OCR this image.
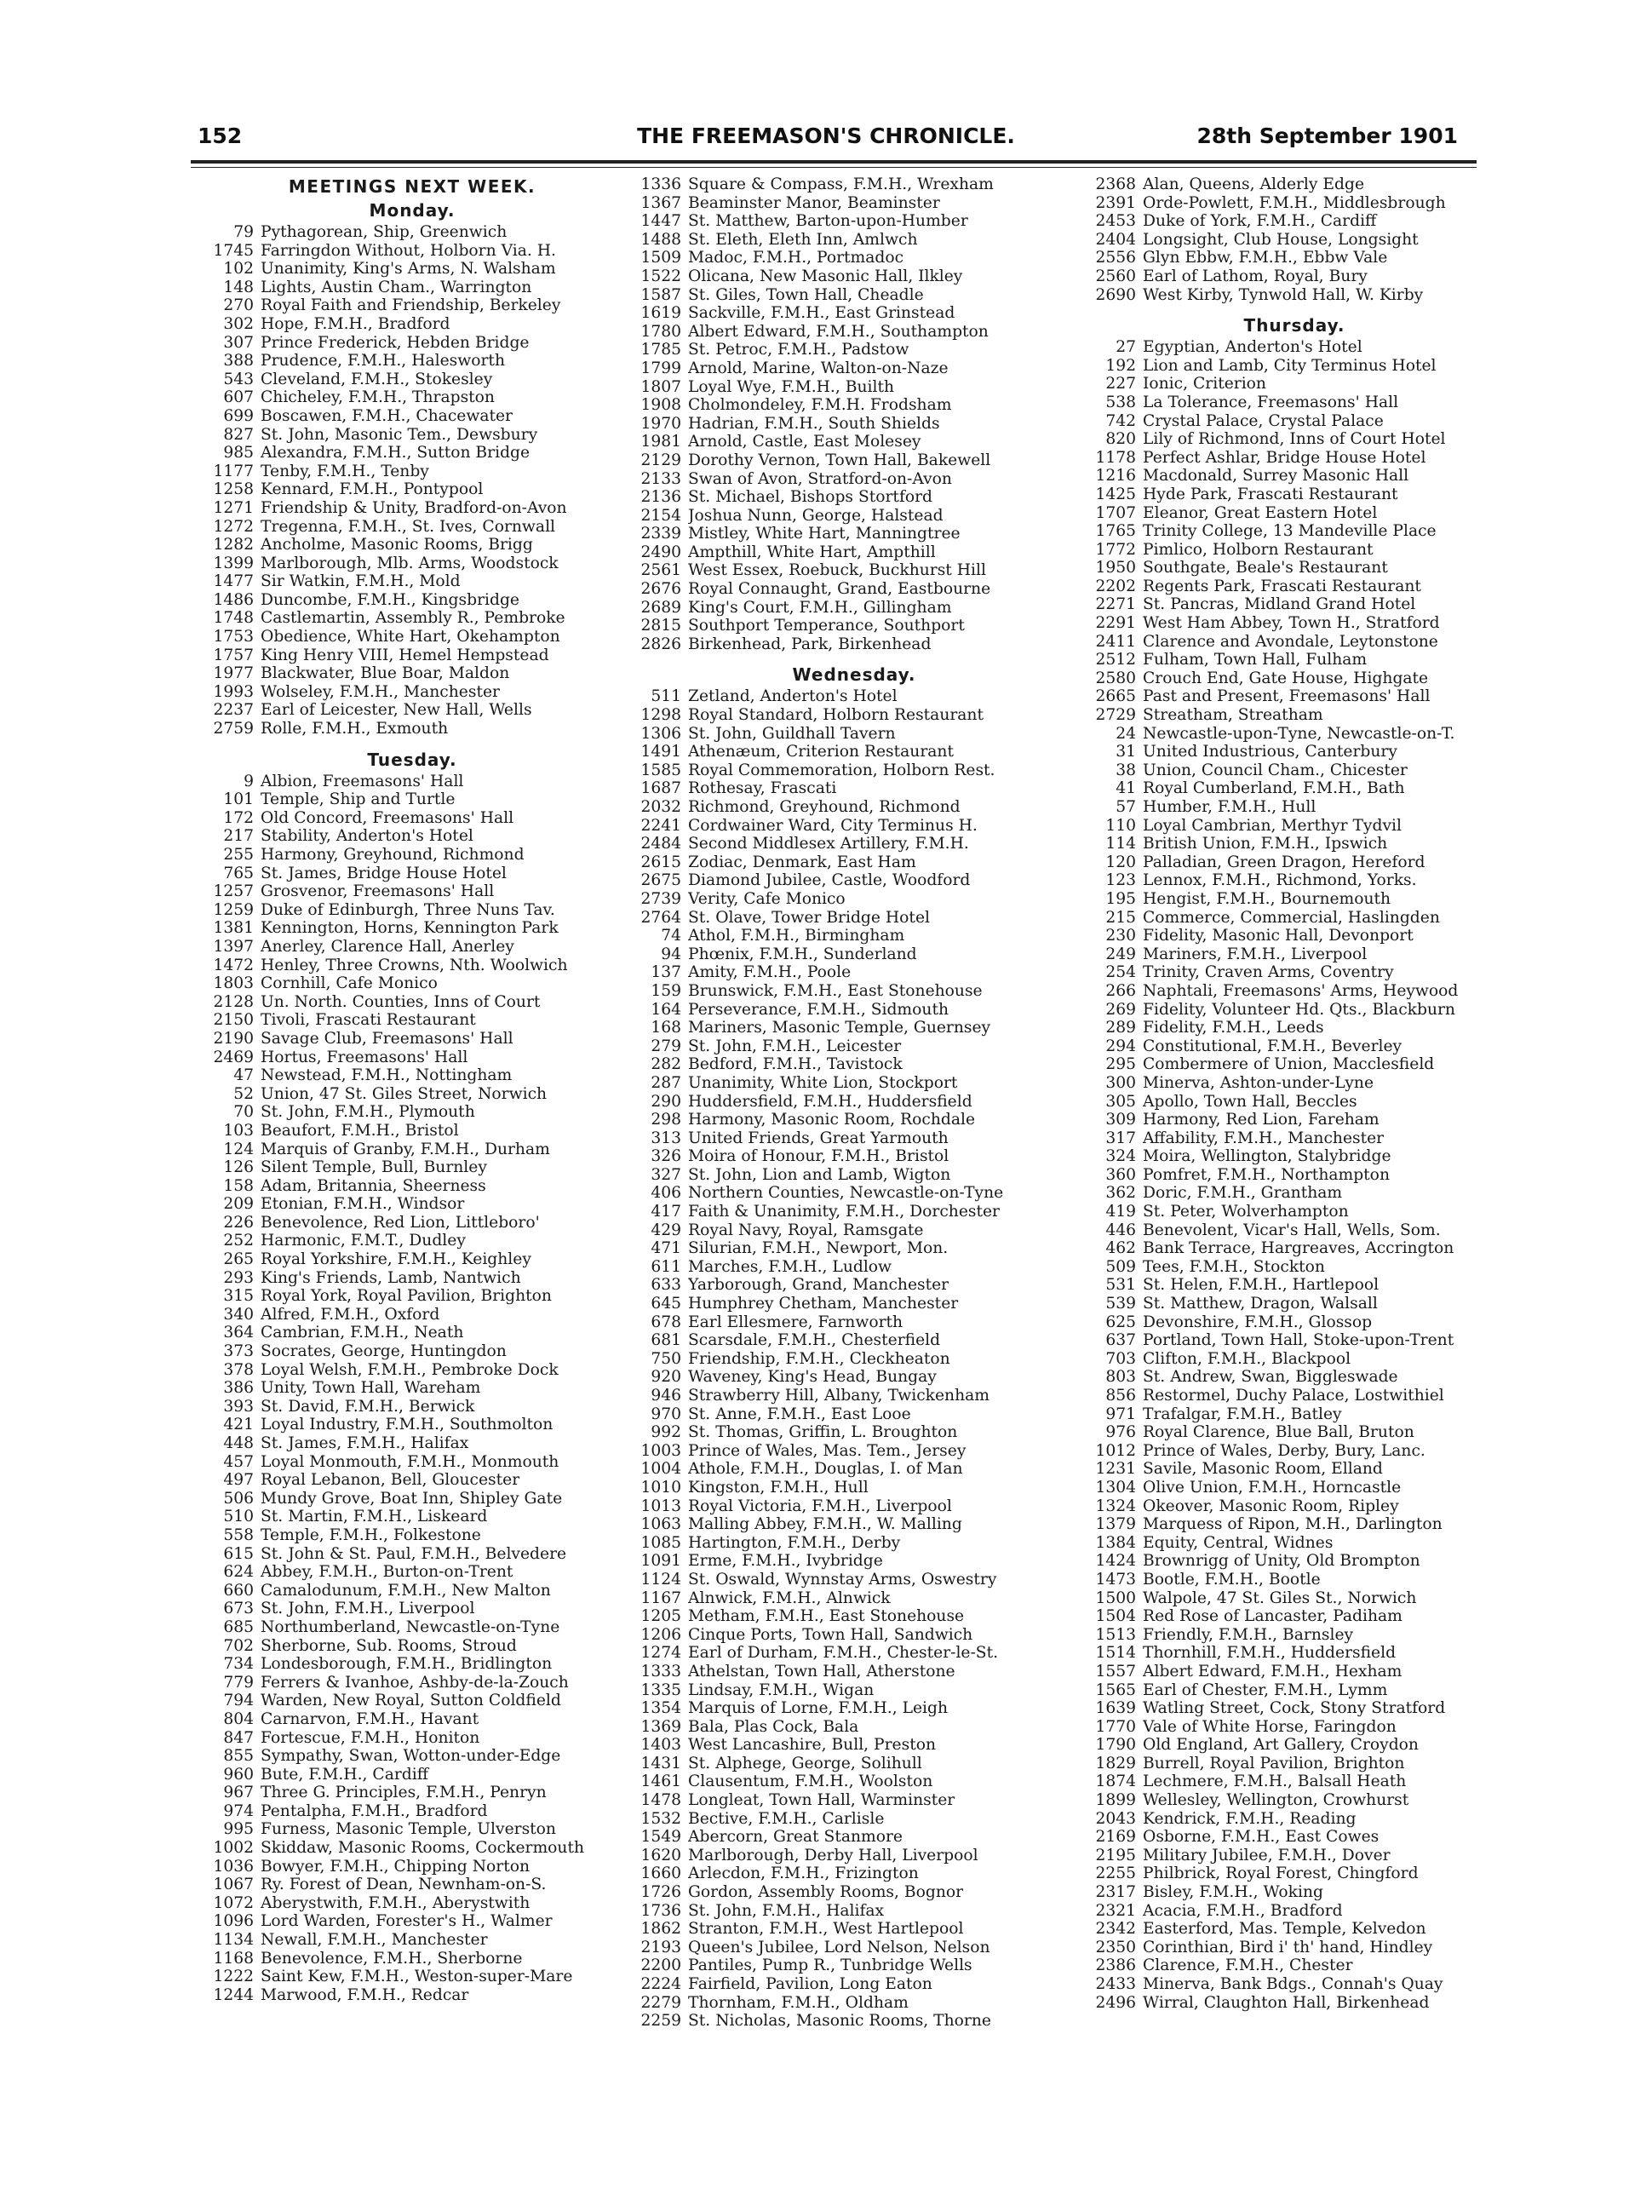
THE FREEMASON'S CHRONICLE.
152	28th September 1901
MEETINGS NEXT WEEK.
Monday.
79 Pythagorean, Ship, Greenwich
1745 Farringdon Without, Holborn Via. H.
102 Unanimity, King's Arms, N. Walsham
148 Lights, Austin Cham., Warrington
270 Royal Faith and Friendship, Berkeley
302 Hope, F.M.H., Bradford
307 Prince Frederick, Hebden Bridge
388 Prudence, F.M.H., Halesworth
543 Cleveland, F.M.H., Stokesley
607 Chicheley, F.M.H., Thrapston
699 Boscawen, F.M.H., Chacewater
827 St. John, Masonic Tem., Dewsbury
985 Alexandra, F.M.H., Sutton Bridge
1177 Tenby, F.M.H., Tenby
1258 Kennard, F.M.H., Pontypool
1271 Friendship & Unity, Bradford-on-Avon
1272 Tregenna, F.M.H., St. Ives, Cornwall
1282 Ancholme, Masonic Rooms, Brigg
1399 Marlborough, Mlb. Arms, Woodstock
1477 Sir Watkin, F.M.H., Mold
1486 Duncombe, F.M.H., Kingsbridge
1748 Castlemartin, Assembly R., Pembroke
1753 Obedience, White Hart, Okehampton
1757 King Henry VIII, Hemel Hempstead
1977 Blackwater, Blue Boar, Maldon
1993 Wolseley, F.M.H., Manchester
2237 Earl of Leicester, New Hall, Wells
2759 Rolle, F.M.H., Exmouth
Tuesday.
9 Albion, Freemasons' Hall
101 Temple, Ship and Turtle
172 Old Concord, Freemasons' Hall
217 Stability, Anderton's Hotel
255 Harmony, Greyhound, Richmond
765 St. James, Bridge House Hotel
1257 Grosvenor, Freemasons' Hall
1259 Duke of Edinburgh, Three Nuns Tav.
1381 Kennington, Horns, Kennington Park
1397 Anerley, Clarence Hall, Anerley
1472 Henley, Three Crowns, Nth. Woolwich
1803 Cornhill, Cafe Monico
2128 Un. North. Counties, Inns of Court
2150 Tivoli, Frascati Restaurant
2190 Savage Club, Freemasons' Hall
2469 Hortus, Freemasons' Hall
47 Newstead, F.M.H., Nottingham
52 Union, 47 St. Giles Street, Norwich
70 St. John, F.M.H., Plymouth
103 Beaufort, F.M.H., Bristol
124 Marquis of Granby, F.M.H., Durham
126 Silent Temple, Bull, Burnley
158 Adam, Britannia, Sheerness
209 Etonian, F.M.H., Windsor
226 Benevolence, Red Lion, Littleboro'
252 Harmonic, F.M.T., Dudley
265 Royal Yorkshire, F.M.H., Keighley
293 King's Friends, Lamb, Nantwich
315 Royal York, Royal Pavilion, Brighton
340 Alfred, F.M.H., Oxford
364 Cambrian, F.M.H., Neath
373 Socrates, George, Huntingdon
378 Loyal Welsh, F.M.H., Pembroke Dock
386 Unity, Town Hall, Wareham
393 St. David, F.M.H., Berwick
421 Loyal Industry, F.M.H., Southmolton
448 St. James, F.M.H., Halifax
457 Loyal Monmouth, F.M.H., Monmouth
497 Royal Lebanon, Bell, Gloucester
506 Mundy Grove, Boat Inn, Shipley Gate
510 St. Martin, F.M.H., Liskeard
558 Temple, F.M.H., Folkestone
615 St. John & St. Paul, F.M.H., Belvedere
624 Abbey, F.M.H., Burton-on-Trent
660 Camalodunum, F.M.H., New Malton
673 St. John, F.M.H., Liverpool
685 Northumberland, Newcastle-on-Tyne
702 Sherborne, Sub. Rooms, Stroud
734 Londesborough, F.M.H., Bridlington
779 Ferrers & Ivanhoe, Ashby-de-la-Zouch
794 Warden, New Royal, Sutton Coldfield
804 Carnarvon, F.M.H., Havant
847 Fortescue, F.M.H., Honiton
855 Sympathy, Swan, Wotton-under-Edge
960 Bute, F.M.H., Cardiff
967 Three G. Principles, F.M.H., Penryn
974 Pentalpha, F.M.H., Bradford
995 Furness, Masonic Temple, Ulverston
1002 Skiddaw, Masonic Rooms, Cockermouth
1036 Bowyer, F.M.H., Chipping Norton
1067 Ry. Forest of Dean, Newnham-on-S.
1072 Aberystwith, F.M.H., Aberystwith
1096 Lord Warden, Forester's H., Walmer
1134 Newall, F.M.H., Manchester
1168 Benevolence, F.M.H., Sherborne
1222 Saint Kew, F.M.H., Weston-super-Mare
1244 Marwood, F.M.H., Redcar
1336 Square & Compass, F.M.H., Wrexham
1367 Beaminster Manor, Beaminster
1447 St. Matthew, Barton-upon-Humber
1488 St. Eleth, Eleth Inn, Amlwch
1509 Madoc, F.M.H., Portmadoc
1522 Olicana, New Masonic Hall, Ilkley
1587 St. Giles, Town Hall, Cheadle
1619 Sackville, F.M.H., East Grinstead
1780 Albert Edward, F.M.H., Southampton
1785 St. Petroc, F.M.H., Padstow
1799 Arnold, Marine, Walton-on-Naze
1807 Loyal Wye, F.M.H., Builth
1908 Cholmondeley, F.M.H. Frodsham
1970 Hadrian, F.M.H., South Shields
1981 Arnold, Castle, East Molesey
2129 Dorothy Vernon, Town Hall, Bakewell
2133 Swan of Avon, Stratford-on-Avon
2136 St. Michael, Bishops Stortford
2154 Joshua Nunn, George, Halstead
2339 Mistley, White Hart, Manningtree
2490 Ampthill, White Hart, Ampthill
2561 West Essex, Roebuck, Buckhurst Hill
2676 Royal Connaught, Grand, Eastbourne
2689 King's Court, F.M.H., Gillingham
2815 Southport Temperance, Southport
2826 Birkenhead, Park, Birkenhead
Wednesday.
511 Zetland, Anderton's Hotel
1298 Royal Standard, Holborn Restaurant
1306 St. John, Guildhall Tavern
1491 Athenæum, Criterion Restaurant
1585 Royal Commemoration, Holborn Rest.
1687 Rothesay, Frascati
2032 Richmond, Greyhound, Richmond
2241 Cordwainer Ward, City Terminus H.
2484 Second Middlesex Artillery, F.M.H.
2615 Zodiac, Denmark, East Ham
2675 Diamond Jubilee, Castle, Woodford
2739 Verity, Cafe Monico
2764 St. Olave, Tower Bridge Hotel
74 Athol, F.M.H., Birmingham
94 Phœnix, F.M.H., Sunderland
137 Amity, F.M.H., Poole
159 Brunswick, F.M.H., East Stonehouse
164 Perseverance, F.M.H., Sidmouth
168 Mariners, Masonic Temple, Guernsey
279 St. John, F.M.H., Leicester
282 Bedford, F.M.H., Tavistock
287 Unanimity, White Lion, Stockport
290 Huddersfield, F.M.H., Huddersfield
298 Harmony, Masonic Room, Rochdale
313 United Friends, Great Yarmouth
326 Moira of Honour, F.M.H., Bristol
327 St. John, Lion and Lamb, Wigton
406 Northern Counties, Newcastle-on-Tyne
417 Faith & Unanimity, F.M.H., Dorchester
429 Royal Navy, Royal, Ramsgate
471 Silurian, F.M.H., Newport, Mon.
611 Marches, F.M.H., Ludlow
633 Yarborough, Grand, Manchester
645 Humphrey Chetham, Manchester
678 Earl Ellesmere, Farnworth
681 Scarsdale, F.M.H., Chesterfield
750 Friendship, F.M.H., Cleckheaton
920 Waveney, King's Head, Bungay
946 Strawberry Hill, Albany, Twickenham
970 St. Anne, F.M.H., East Looe
992 St. Thomas, Griffin, L. Broughton
1003 Prince of Wales, Mas. Tem., Jersey
1004 Athole, F.M.H., Douglas, I. of Man
1010 Kingston, F.M.H., Hull
1013 Royal Victoria, F.M.H., Liverpool
1063 Malling Abbey, F.M.H., W. Malling
1085 Hartington, F.M.H., Derby
1091 Erme, F.M.H., Ivybridge
1124 St. Oswald, Wynnstay Arms, Oswestry
1167 Alnwick, F.M.H., Alnwick
1205 Metham, F.M.H., East Stonehouse
1206 Cinque Ports, Town Hall, Sandwich
1274 Earl of Durham, F.M.H., Chester-le-St.
1333 Athelstan, Town Hall, Atherstone
1335 Lindsay, F.M.H., Wigan
1354 Marquis of Lorne, F.M.H., Leigh
1369 Bala, Plas Cock, Bala
1403 West Lancashire, Bull, Preston
1431 St. Alphege, George, Solihull
1461 Clausentum, F.M.H., Woolston
1478 Longleat, Town Hall, Warminster
1532 Bective, F.M.H., Carlisle
1549 Abercorn, Great Stanmore
1620 Marlborough, Derby Hall, Liverpool
1660 Arlecdon, F.M.H., Frizington
1726 Gordon, Assembly Rooms, Bognor
1736 St. John, F.M.H., Halifax
1862 Stranton, F.M.H., West Hartlepool
2193 Queen's Jubilee, Lord Nelson, Nelson
2200 Pantiles, Pump R., Tunbridge Wells
2224 Fairfield, Pavilion, Long Eaton
2279 Thornham, F.M.H., Oldham
2259 St. Nicholas, Masonic Rooms, Thorne
2368 Alan, Queens, Alderly Edge
2391 Orde-Powlett, F.M.H., Middlesbrough
2453 Duke of York, F.M.H., Cardiff
2404 Longsight, Club House, Longsight
2556 Glyn Ebbw, F.M.H., Ebbw Vale
2560 Earl of Lathom, Royal, Bury
2690 West Kirby, Tynwold Hall, W. Kirby
Thursday.
27 Egyptian, Anderton's Hotel
192 Lion and Lamb, City Terminus Hotel
227 Ionic, Criterion
538 La Tolerance, Freemasons' Hall
742 Crystal Palace, Crystal Palace
820 Lily of Richmond, Inns of Court Hotel
1178 Perfect Ashlar, Bridge House Hotel
1216 Macdonald, Surrey Masonic Hall
1425 Hyde Park, Frascati Restaurant
1707 Eleanor, Great Eastern Hotel
1765 Trinity College, 13 Mandeville Place
1772 Pimlico, Holborn Restaurant
1950 Southgate, Beale's Restaurant
2202 Regents Park, Frascati Restaurant
2271 St. Pancras, Midland Grand Hotel
2291 West Ham Abbey, Town H., Stratford
2411 Clarence and Avondale, Leytonstone
2512 Fulham, Town Hall, Fulham
2580 Crouch End, Gate House, Highgate
2665 Past and Present, Freemasons' Hall
2729 Streatham, Streatham
24 Newcastle-upon-Tyne, Newcastle-on-T.
31 United Industrious, Canterbury
38 Union, Council Cham., Chicester
41 Royal Cumberland, F.M.H., Bath
57 Humber, F.M.H., Hull
110 Loyal Cambrian, Merthyr Tydvil
114 British Union, F.M.H., Ipswich
120 Palladian, Green Dragon, Hereford
123 Lennox, F.M.H., Richmond, Yorks.
195 Hengist, F.M.H., Bournemouth
215 Commerce, Commercial, Haslingden
230 Fidelity, Masonic Hall, Devonport
249 Mariners, F.M.H., Liverpool
254 Trinity, Craven Arms, Coventry
266 Naphtali, Freemasons' Arms, Heywood
269 Fidelity, Volunteer Hd. Qts., Blackburn
289 Fidelity, F.M.H., Leeds
294 Constitutional, F.M.H., Beverley
295 Combermere of Union, Macclesfield
300 Minerva, Ashton-under-Lyne
305 Apollo, Town Hall, Beccles
309 Harmony, Red Lion, Fareham
317 Affability, F.M.H., Manchester
324 Moira, Wellington, Stalybridge
360 Pomfret, F.M.H., Northampton
362 Doric, F.M.H., Grantham
419 St. Peter, Wolverhampton
446 Benevolent, Vicar's Hall, Wells, Som.
462 Bank Terrace, Hargreaves, Accrington
509 Tees, F.M.H., Stockton
531 St. Helen, F.M.H., Hartlepool
539 St. Matthew, Dragon, Walsall
625 Devonshire, F.M.H., Glossop
637 Portland, Town Hall, Stoke-upon-Trent
703 Clifton, F.M.H., Blackpool
803 St. Andrew, Swan, Biggleswade
856 Restormel, Duchy Palace, Lostwithiel
971 Trafalgar, F.M.H., Batley
976 Royal Clarence, Blue Ball, Bruton
1012 Prince of Wales, Derby, Bury, Lanc.
1231 Savile, Masonic Room, Elland
1304 Olive Union, F.M.H., Horncastle
1324 Okeover, Masonic Room, Ripley
1379 Marquess of Ripon, M.H., Darlington
1384 Equity, Central, Widnes
1424 Brownrigg of Unity, Old Brompton
1473 Bootle, F.M.H., Bootle
1500 Walpole, 47 St. Giles St., Norwich
1504 Red Rose of Lancaster, Padiham
1513 Friendly, F.M.H., Barnsley
1514 Thornhill, F.M.H., Huddersfield
1557 Albert Edward, F.M.H., Hexham
1565 Earl of Chester, F.M.H., Lymm
1639 Watling Street, Cock, Stony Stratford
1770 Vale of White Horse, Faringdon
1790 Old England, Art Gallery, Croydon
1829 Burrell, Royal Pavilion, Brighton
1874 Lechmere, F.M.H., Balsall Heath
1899 Wellesley, Wellington, Crowhurst
2043 Kendrick, F.M.H., Reading
2169 Osborne, F.M.H., East Cowes
2195 Military Jubilee, F.M.H., Dover
2255 Philbrick, Royal Forest, Chingford
2317 Bisley, F.M.H., Woking
2321 Acacia, F.M.H., Bradford
2342 Easterford, Mas. Temple, Kelvedon
2350 Corinthian, Bird i' th' hand, Hindley
2386 Clarence, F.M.H., Chester
2433 Minerva, Bank Bdgs., Connah's Quay
2496 Wirral, Claughton Hall, Birkenhead
